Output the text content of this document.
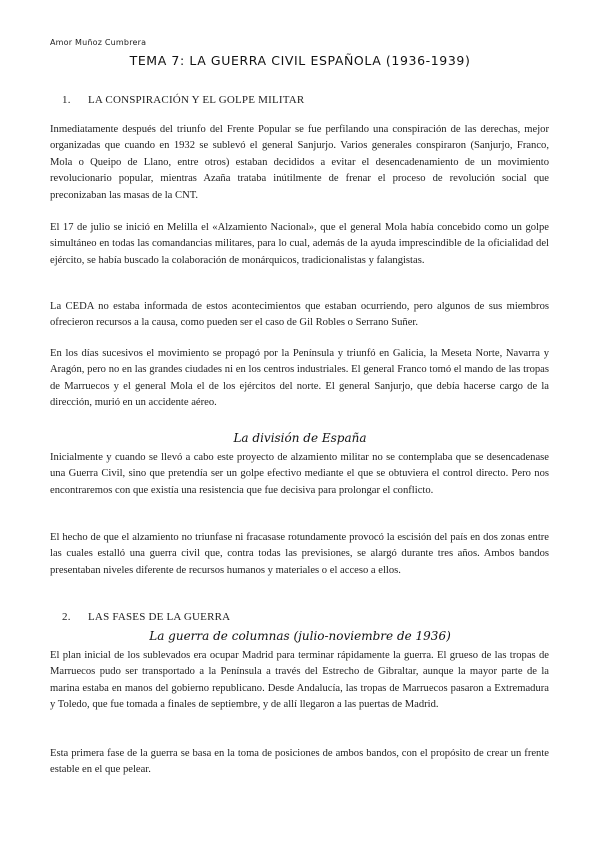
Amor Muñoz Cumbrera
TEMA 7: LA GUERRA CIVIL ESPAÑOLA (1936-1939)
1. LA CONSPIRACIÓN Y EL GOLPE MILITAR

Inmediatamente después del triunfo del Frente Popular se fue perfilando una conspiración de las derechas, mejor organizadas que cuando en 1932 se sublevó el general Sanjurjo. Varios generales conspiraron (Sanjurjo, Franco, Mola o Queipo de Llano, entre otros) estaban decididos a evitar el desencadenamiento de un movimiento revolucionario popular, mientras Azaña trataba inútilmente de frenar el proceso de revolución social que preconizaban las masas de la CNT.

El 17 de julio se inició en Melilla el «Alzamiento Nacional», que el general Mola había concebido como un golpe simultáneo en todas las comandancias militares, para lo cual, además de la ayuda imprescindible de la oficialidad del ejército, se había buscado la colaboración de monárquicos, tradicionalistas y falangistas.

La CEDA no estaba informada de estos acontecimientos que estaban ocurriendo, pero algunos de sus miembros ofrecieron recursos a la causa, como pueden ser el caso de Gil Robles o Serrano Suñer.

En los días sucesivos el movimiento se propagó por la Península y triunfó en Galicia, la Meseta Norte, Navarra y Aragón, pero no en las grandes ciudades ni en los centros industriales. El general Franco tomó el mando de las tropas de Marruecos y el general Mola el de los ejércitos del norte. El general Sanjurjo, que debía hacerse cargo de la dirección, murió en un accidente aéreo.

La división de España

Inicialmente y cuando se llevó a cabo este proyecto de alzamiento militar no se contemplaba que se desencadenase una Guerra Civil, sino que pretendía ser un golpe efectivo mediante el que se obtuviera el control directo. Pero nos encontraremos con que existía una resistencia que fue decisiva para prolongar el conflicto.

El hecho de que el alzamiento no triunfase ni fracasase rotundamente provocó la escisión del país en dos zonas entre las cuales estalló una guerra civil que, contra todas las previsiones, se alargó durante tres años. Ambos bandos presentaban niveles diferente de recursos humanos y materiales o el acceso a ellos.

2. LAS FASES DE LA GUERRA
La guerra de columnas (julio-noviembre de 1936)

El plan inicial de los sublevados era ocupar Madrid para terminar rápidamente la guerra. El grueso de las tropas de Marruecos pudo ser transportado a la Península a través del Estrecho de Gibraltar, aunque la mayor parte de la marina estaba en manos del gobierno republicano. Desde Andalucía, las tropas de Marruecos pasaron a Extremadura y Toledo, que fue tomada a finales de septiembre, y de allí llegaron a las puertas de Madrid.

Esta primera fase de la guerra se basa en la toma de posiciones de ambos bandos, con el propósito de crear un frente estable en el que pelear.
